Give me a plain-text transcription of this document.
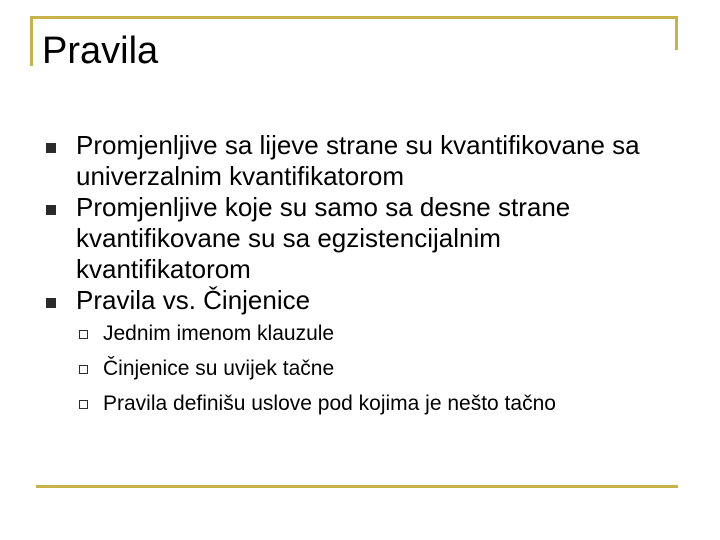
Pravila
Promjenljive sa lijeve strane su kvantifikovane sa univerzalnim kvantifikatorom
Promjenljive koje su samo sa desne strane kvantifikovane su sa egzistencijalnim kvantifikatorom
Pravila vs. Činjenice
Jednim imenom klauzule
Činjenice su uvijek tačne
Pravila definišu uslove pod kojima je nešto tačno
